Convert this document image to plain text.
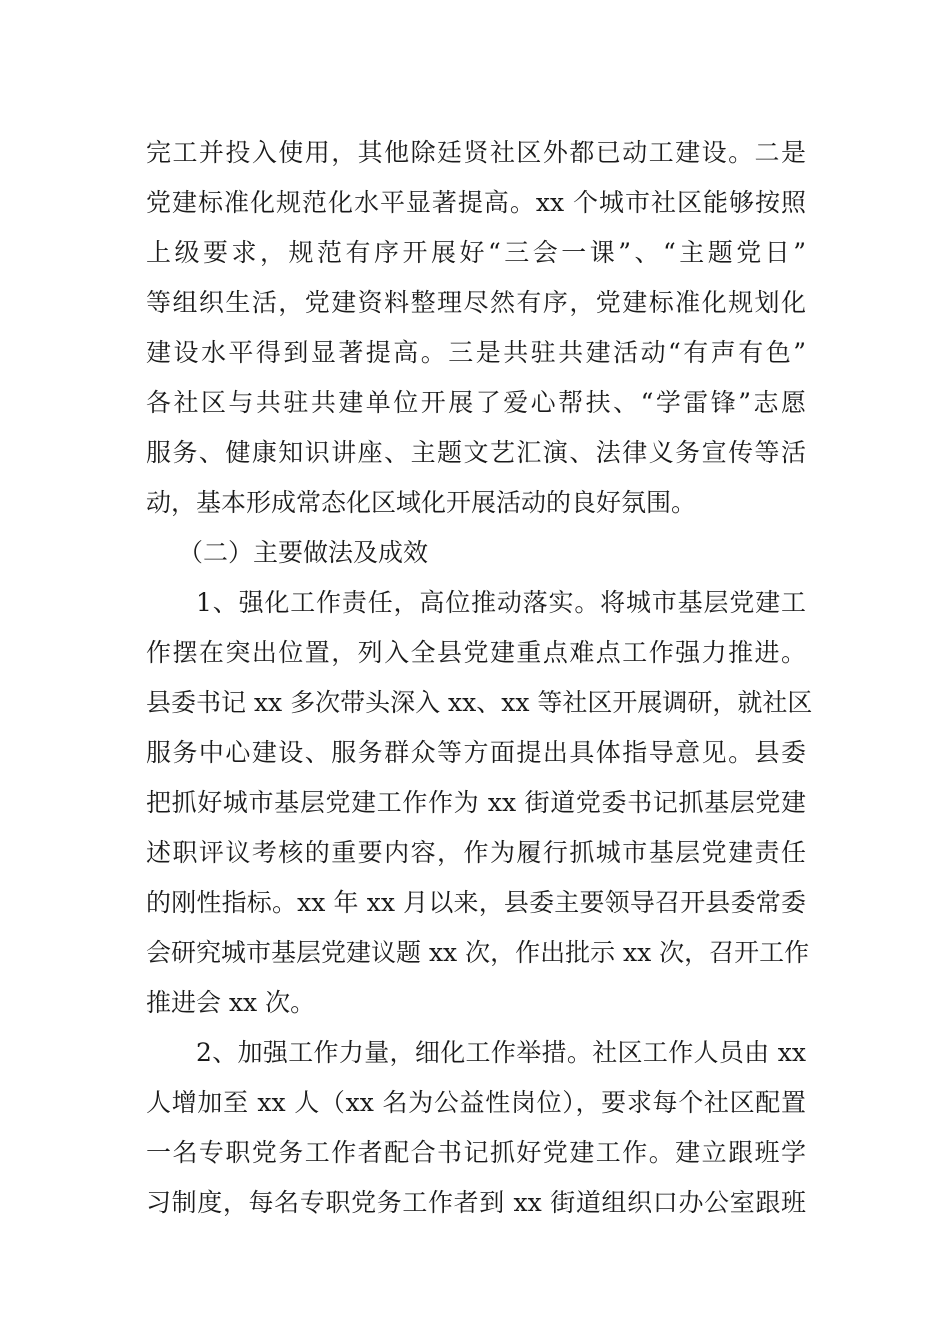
完工并投入使用，其他除廷贤社区外都已动工建设。二是
党建标准化规范化水平显著提高。xx 个城市社区能够按照
上级要求，规范有序开展好“三会一课”、“主题党日”
等组织生活，党建资料整理尽然有序，党建标准化规划化
建设水平得到显著提高。三是共驻共建活动“有声有色”
各社区与共驻共建单位开展了爱心帮扶、“学雷锋”志愿
服务、健康知识讲座、主题文艺汇演、法律义务宣传等活
动，基本形成常态化区域化开展活动的良好氛围。
（二）主要做法及成效
1、强化工作责任，高位推动落实。将城市基层党建工
作摆在突出位置，列入全县党建重点难点工作强力推进。
县委书记 xx 多次带头深入 xx、xx 等社区开展调研，就社区
服务中心建设、服务群众等方面提出具体指导意见。县委
把抓好城市基层党建工作作为 xx 街道党委书记抓基层党建
述职评议考核的重要内容，作为履行抓城市基层党建责任
的刚性指标。xx 年 xx 月以来，县委主要领导召开县委常委
会研究城市基层党建议题 xx 次，作出批示 xx 次，召开工作
推进会 xx 次。
2、加强工作力量，细化工作举措。社区工作人员由 xx
人增加至 xx 人（xx 名为公益性岗位），要求每个社区配置
一名专职党务工作者配合书记抓好党建工作。建立跟班学
习制度，每名专职党务工作者到 xx 街道组织口办公室跟班
